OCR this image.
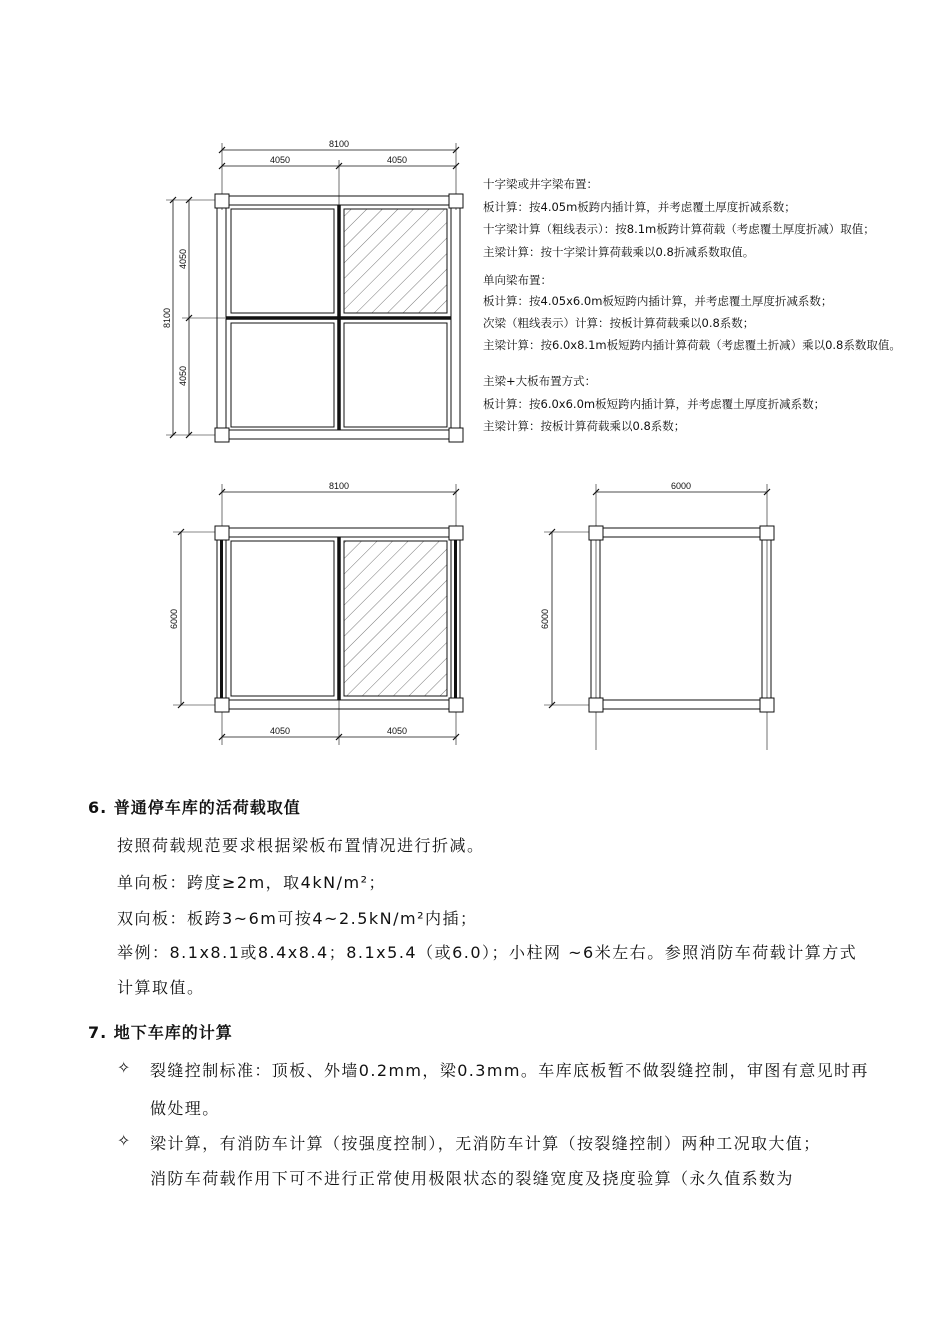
8100
4050	4050
8100
4050
4050
十字梁或井字梁布置：
板计算：按4.05m板跨内插计算，并考虑覆土厚度折减系数；
十字梁计算（粗线表示）：按8.1m板跨计算荷载（考虑覆土厚度折减）取值；
主梁计算：按十字梁计算荷载乘以0.8折减系数取值。
单向梁布置：
板计算：按4.05x6.0m板短跨内插计算，并考虑覆土厚度折减系数；
次梁（粗线表示）计算：按板计算荷载乘以0.8系数；
主梁计算：按6.0x8.1m板短跨内插计算荷载（考虑覆土折减）乘以0.8系数取值。
主梁+大板布置方式：
板计算：按6.0x6.0m板短跨内插计算，并考虑覆土厚度折减系数；
主梁计算：按板计算荷载乘以0.8系数；
8100
4050	4050
6000
6000
6000
6. 普通停车库的活荷载取值
按照荷载规范要求根据梁板布置情况进行折减。
单向板：跨度≥2m，取4kN/m²；
双向板：板跨3~6m可按4~2.5kN/m²内插；
举例：8.1x8.1或8.4x8.4；8.1x5.4（或6.0）；小柱网 ~6米左右。参照消防车荷载计算方式
计算取值。
7. 地下车库的计算
✧ 裂缝控制标准：顶板、外墙0.2mm，梁0.3mm。车库底板暂不做裂缝控制，审图有意见时再
做处理。
✧ 梁计算，有消防车计算（按强度控制），无消防车计算（按裂缝控制）两种工况取大值；
消防车荷载作用下可不进行正常使用极限状态的裂缝宽度及挠度验算（永久值系数为
